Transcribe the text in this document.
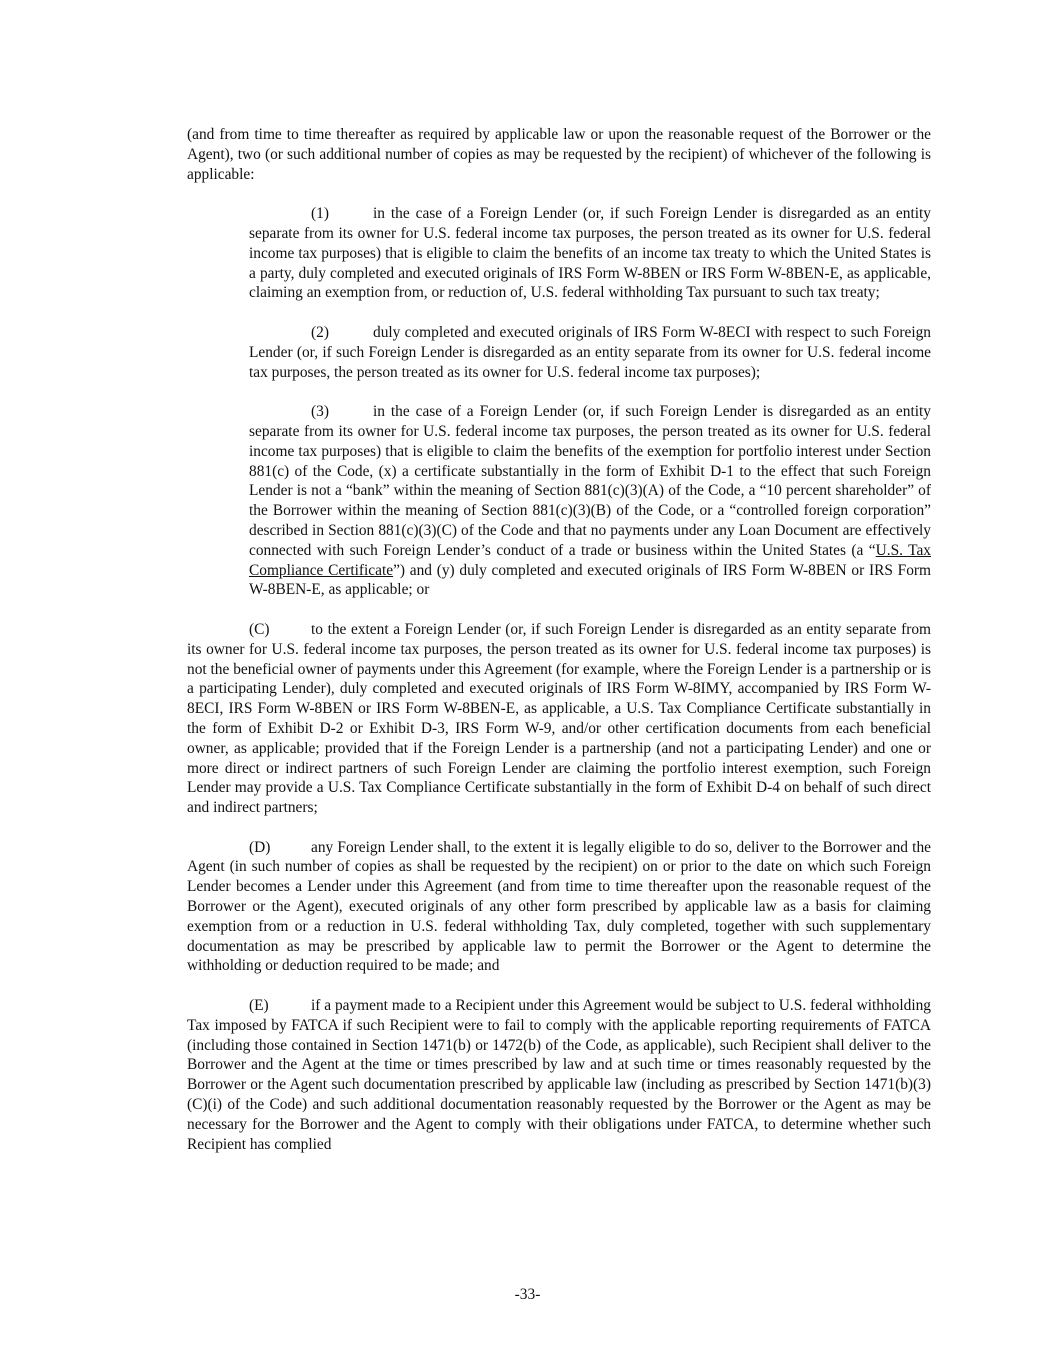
(and from time to time thereafter as required by applicable law or upon the reasonable request of the Borrower or the Agent), two (or such additional number of copies as may be requested by the recipient) of whichever of the following is applicable:

(1)	in the case of a Foreign Lender (or, if such Foreign Lender is disregarded as an entity separate from its owner for U.S. federal income tax purposes, the person treated as its owner for U.S. federal income tax purposes) that is eligible to claim the benefits of an income tax treaty to which the United States is a party, duly completed and executed originals of IRS Form W-8BEN or IRS Form W-8BEN-E, as applicable, claiming an exemption from, or reduction of, U.S. federal withholding Tax pursuant to such tax treaty;

(2)	duly completed and executed originals of IRS Form W-8ECI with respect to such Foreign Lender (or, if such Foreign Lender is disregarded as an entity separate from its owner for U.S. federal income tax purposes, the person treated as its owner for U.S. federal income tax purposes);

(3)	in the case of a Foreign Lender (or, if such Foreign Lender is disregarded as an entity separate from its owner for U.S. federal income tax purposes, the person treated as its owner for U.S. federal income tax purposes) that is eligible to claim the benefits of the exemption for portfolio interest under Section 881(c) of the Code, (x) a certificate substantially in the form of Exhibit D-1 to the effect that such Foreign Lender is not a “bank” within the meaning of Section 881(c)(3)(A) of the Code, a “10 percent shareholder” of the Borrower within the meaning of Section 881(c)(3)(B) of the Code, or a “controlled foreign corporation” described in Section 881(c)(3)(C) of the Code and that no payments under any Loan Document are effectively connected with such Foreign Lender’s conduct of a trade or business within the United States (a “U.S. Tax Compliance Certificate”) and (y) duly completed and executed originals of IRS Form W-8BEN or IRS Form W-8BEN-E, as applicable; or

(C)	to the extent a Foreign Lender (or, if such Foreign Lender is disregarded as an entity separate from its owner for U.S. federal income tax purposes, the person treated as its owner for U.S. federal income tax purposes) is not the beneficial owner of payments under this Agreement (for example, where the Foreign Lender is a partnership or is a participating Lender), duly completed and executed originals of IRS Form W-8IMY, accompanied by IRS Form W-8ECI, IRS Form W-8BEN or IRS Form W-8BEN-E, as applicable, a U.S. Tax Compliance Certificate substantially in the form of Exhibit D-2 or Exhibit D-3, IRS Form W-9, and/or other certification documents from each beneficial owner, as applicable; provided that if the Foreign Lender is a partnership (and not a participating Lender) and one or more direct or indirect partners of such Foreign Lender are claiming the portfolio interest exemption, such Foreign Lender may provide a U.S. Tax Compliance Certificate substantially in the form of Exhibit D-4 on behalf of such direct and indirect partners;

(D)	any Foreign Lender shall, to the extent it is legally eligible to do so, deliver to the Borrower and the Agent (in such number of copies as shall be requested by the recipient) on or prior to the date on which such Foreign Lender becomes a Lender under this Agreement (and from time to time thereafter upon the reasonable request of the Borrower or the Agent), executed originals of any other form prescribed by applicable law as a basis for claiming exemption from or a reduction in U.S. federal withholding Tax, duly completed, together with such supplementary documentation as may be prescribed by applicable law to permit the Borrower or the Agent to determine the withholding or deduction required to be made; and

(E)	if a payment made to a Recipient under this Agreement would be subject to U.S. federal withholding Tax imposed by FATCA if such Recipient were to fail to comply with the applicable reporting requirements of FATCA (including those contained in Section 1471(b) or 1472(b) of the Code, as applicable), such Recipient shall deliver to the Borrower and the Agent at the time or times prescribed by law and at such time or times reasonably requested by the Borrower or the Agent such documentation prescribed by applicable law (including as prescribed by Section 1471(b)(3)(C)(i) of the Code) and such additional documentation reasonably requested by the Borrower or the Agent as may be necessary for the Borrower and the Agent to comply with their obligations under FATCA, to determine whether such Recipient has complied

-33-
